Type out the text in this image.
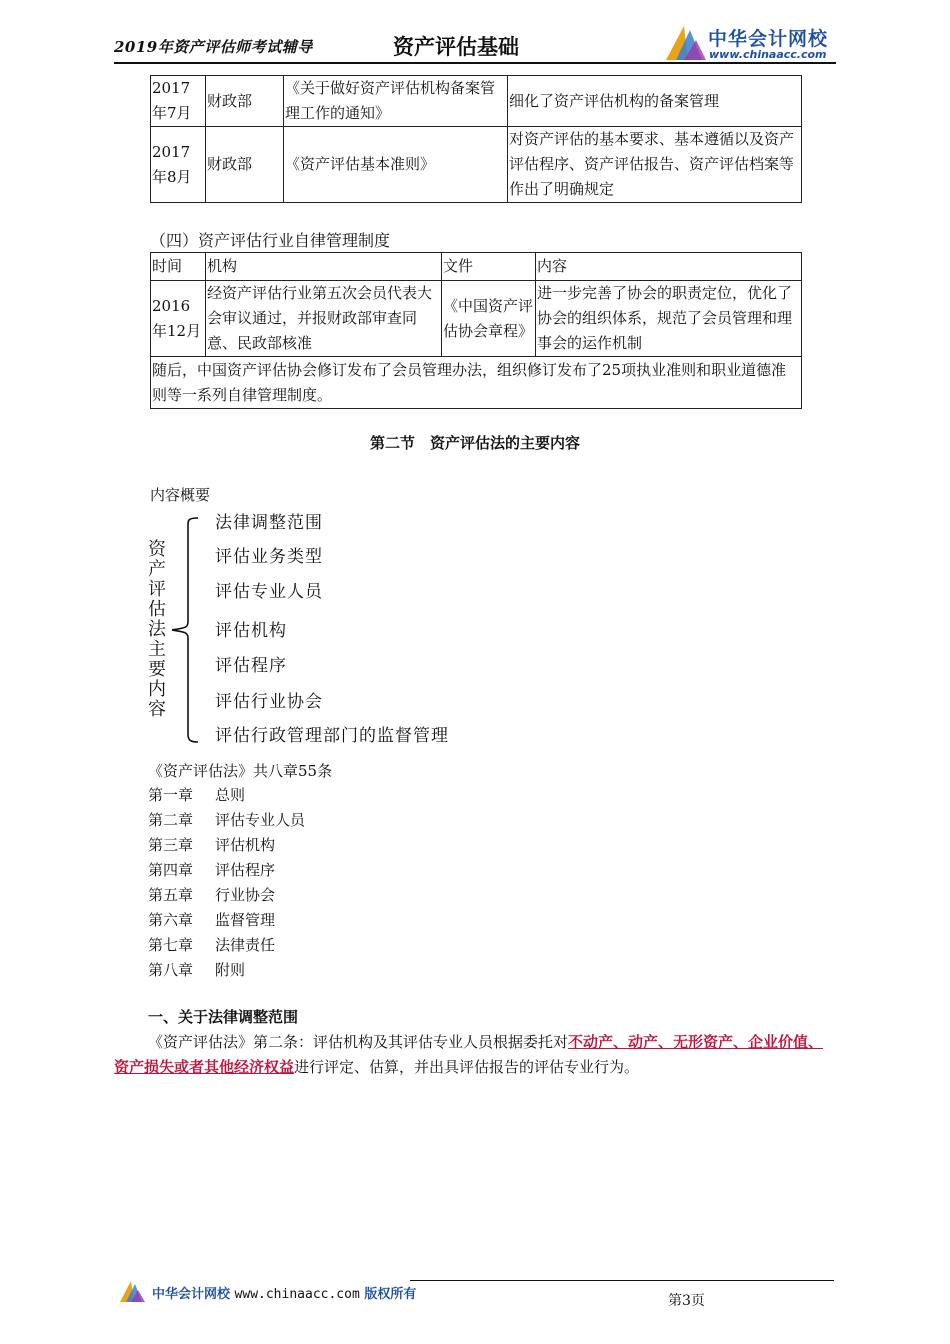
2019年资产评估师考试辅导	资产评估基础	中华会计网校
www.chinaacc.com
2017年7月	财政部	《关于做好资产评估机构备案管理工作的通知》	细化了资产评估机构的备案管理
2017年8月	财政部	《资产评估基本准则》	对资产评估的基本要求、基本遵循以及资产评估程序、资产评估报告、资产评估档案等作出了明确规定
（四）资产评估行业自律管理制度
时间	机构	文件	内容
2016年12月	经资产评估行业第五次会员代表大会审议通过，并报财政部审查同意、民政部核准	《中国资产评估协会章程》	进一步完善了协会的职责定位，优化了协会的组织体系，规范了会员管理和理事会的运作机制
随后，中国资产评估协会修订发布了会员管理办法，组织修订发布了25项执业准则和职业道德准则等一系列自律管理制度。			
第二节　资产评估法的主要内容
内容概要
资
产
评
估
法
主
要
内
容
法律调整范围
评估业务类型
评估专业人员
评估机构
评估程序
评估行业协会
评估行政管理部门的监督管理
《资产评估法》共八章55条
第一章 总则
第二章 评估专业人员
第三章 评估机构
第四章 评估程序
第五章 行业协会
第六章 监督管理
第七章 法律责任
第八章 附则
一、关于法律调整范围
《资产评估法》第二条：评估机构及其评估专业人员根据委托对不动产、动产、无形资产、企业价值、资产损失或者其他经济权益进行评定、估算，并出具评估报告的评估专业行为。
中华会计网校 www.chinaacc.com 版权所有	第3页
